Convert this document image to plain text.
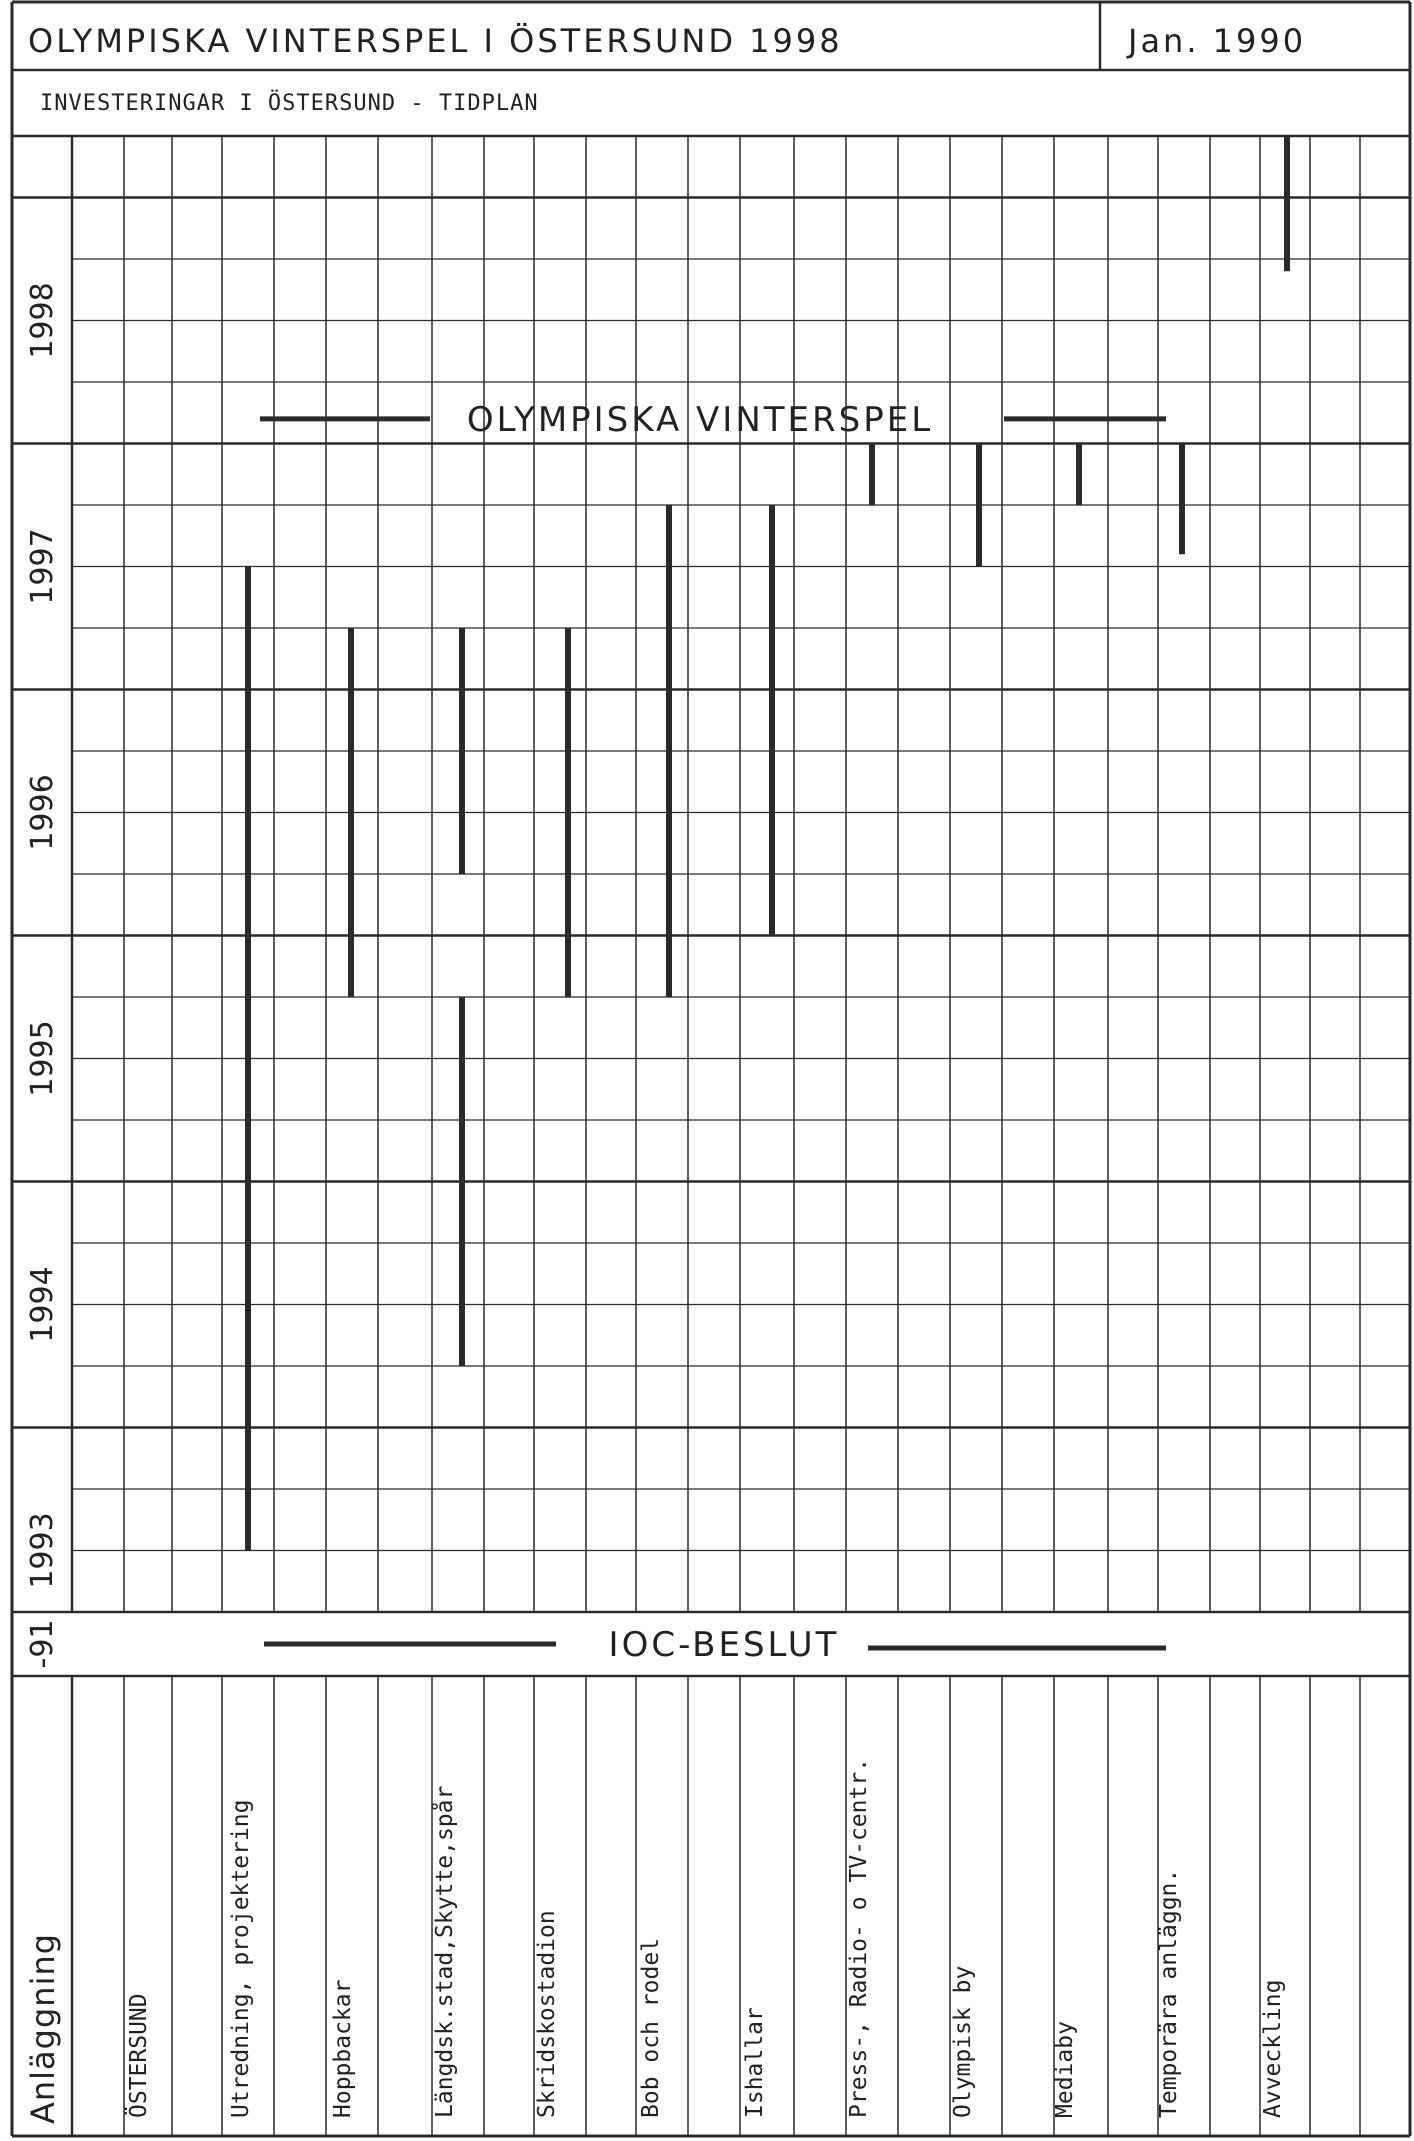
OLYMPISKA VINTERSPEL I ÖSTERSUND 1998	Jan. 1990
INVESTERINGAR I ÖSTERSUND - TIDPLAN
1998
1997
1996
1995
1994
1993
-91
Anläggning	ÖSTERSUND	Utredning, projektering	Hoppbackar	Längdsk.stad,Skytte,spår	Skridskostadion	Bob och rodel	Ishallar	Press-, Radio- o TV-centr.	Olympisk by	Mediaby	Temporära anläggn.	Avveckling
OLYMPISKA VINTERSPEL
IOC-BESLUT
